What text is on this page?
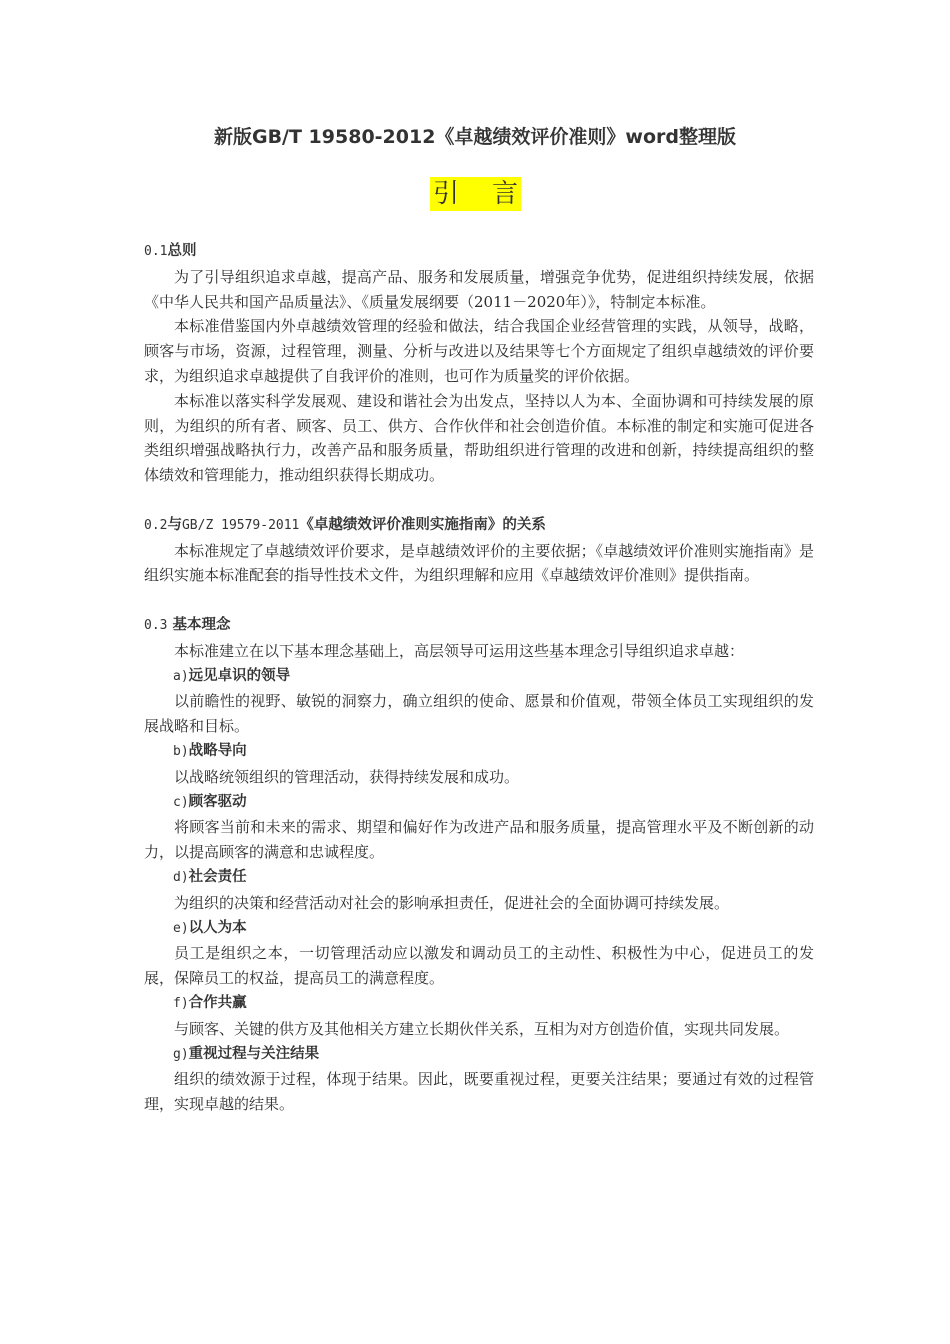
新版GB/T 19580-2012《卓越绩效评价准则》word整理版
引    言
0.1总则

为了引导组织追求卓越，提高产品、服务和发展质量，增强竞争优势，促进组织持续发展，依据《中华人民共和国产品质量法》、《质量发展纲要（2011－2020年）》，特制定本标准。

本标准借鉴国内外卓越绩效管理的经验和做法，结合我国企业经营管理的实践，从领导，战略，顾客与市场，资源，过程管理，测量、分析与改进以及结果等七个方面规定了组织卓越绩效的评价要求，为组织追求卓越提供了自我评价的准则，也可作为质量奖的评价依据。

本标准以落实科学发展观、建设和谐社会为出发点，坚持以人为本、全面协调和可持续发展的原则，为组织的所有者、顾客、员工、供方、合作伙伴和社会创造价值。本标准的制定和实施可促进各类组织增强战略执行力，改善产品和服务质量，帮助组织进行管理的改进和创新，持续提高组织的整体绩效和管理能力，推动组织获得长期成功。

0.2与GB/Z 19579-2011《卓越绩效评价准则实施指南》的关系

本标准规定了卓越绩效评价要求，是卓越绩效评价的主要依据；《卓越绩效评价准则实施指南》是组织实施本标准配套的指导性技术文件，为组织理解和应用《卓越绩效评价准则》提供指南。

0.3 基本理念

本标准建立在以下基本理念基础上，高层领导可运用这些基本理念引导组织追求卓越：

a)远见卓识的领导

以前瞻性的视野、敏锐的洞察力，确立组织的使命、愿景和价值观，带领全体员工实现组织的发展战略和目标。

b)战略导向

以战略统领组织的管理活动，获得持续发展和成功。

c)顾客驱动

将顾客当前和未来的需求、期望和偏好作为改进产品和服务质量，提高管理水平及不断创新的动力，以提高顾客的满意和忠诚程度。

d)社会责任

为组织的决策和经营活动对社会的影响承担责任，促进社会的全面协调可持续发展。

e)以人为本

员工是组织之本，一切管理活动应以激发和调动员工的主动性、积极性为中心，促进员工的发展，保障员工的权益，提高员工的满意程度。

f)合作共赢

与顾客、关键的供方及其他相关方建立长期伙伴关系，互相为对方创造价值，实现共同发展。

g)重视过程与关注结果

组织的绩效源于过程，体现于结果。因此，既要重视过程，更要关注结果；要通过有效的过程管理，实现卓越的结果。
